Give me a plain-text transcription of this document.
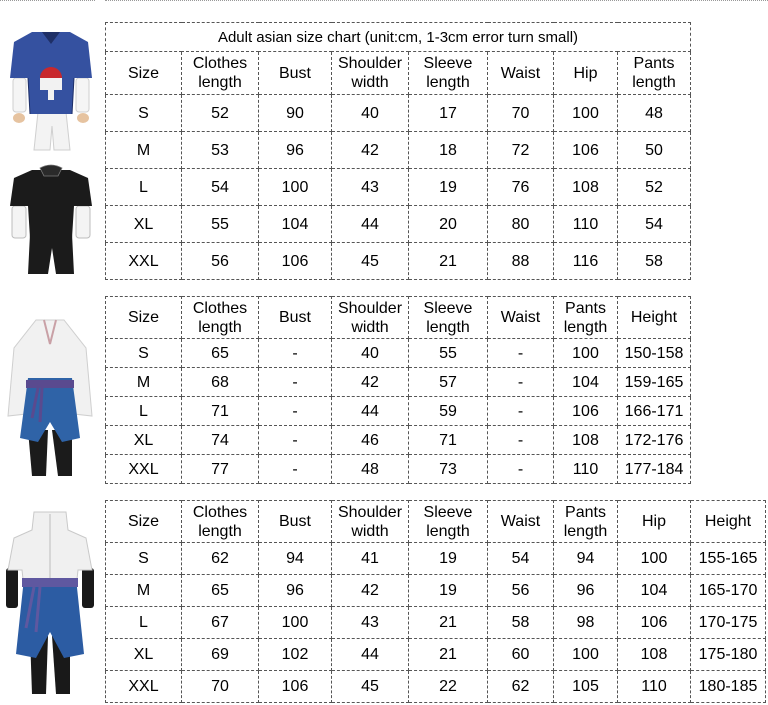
Adult asian size chart (unit:cm, 1-3cm error turn small)							
Size	Clothes length	Bust	Shoulder width	Sleeve length	Waist	Hip	Pants length
S	52	90	40	17	70	100	48
M	53	96	42	18	72	106	50
L	54	100	43	19	76	108	52
XL	55	104	44	20	80	110	54
XXL	56	106	45	21	88	116	58
Size	Clothes length	Bust	Shoulder width	Sleeve length	Waist	Pants length	Height
S	65	-	40	55	-	100	150-158
M	68	-	42	57	-	104	159-165
L	71	-	44	59	-	106	166-171
XL	74	-	46	71	-	108	172-176
XXL	77	-	48	73	-	110	177-184
Size	Clothes length	Bust	Shoulder width	Sleeve length	Waist	Pants length	Hip	Height
S	62	94	41	19	54	94	100	155-165
M	65	96	42	19	56	96	104	165-170
L	67	100	43	21	58	98	106	170-175
XL	69	102	44	21	60	100	108	175-180
XXL	70	106	45	22	62	105	110	180-185
